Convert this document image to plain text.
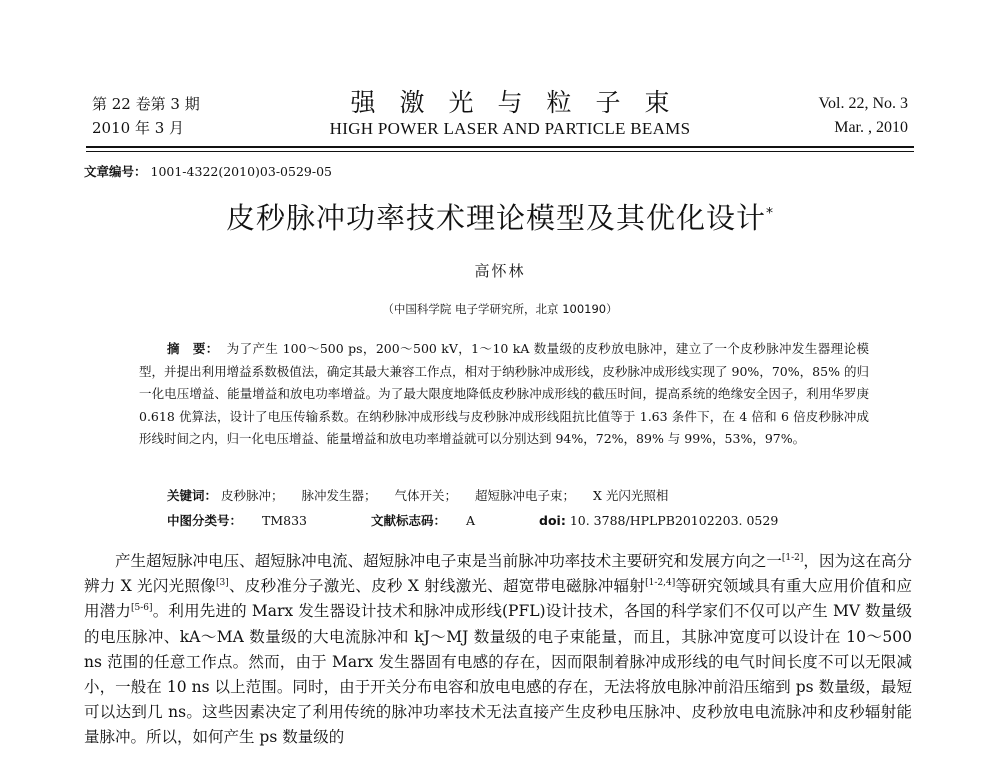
第 22 卷第 3 期
2010 年 3 月
强激光与粒子束
HIGH POWER LASER AND PARTICLE BEAMS
Vol. 22, No. 3
Mar. , 2010
文章编号： 1001-4322(2010)03-0529-05
皮秒脉冲功率技术理论模型及其优化设计*
高怀林
（中国科学院 电子学研究所，北京 100190）
摘　要： 为了产生 100～500 ps，200～500 kV，1～10 kA 数量级的皮秒放电脉冲，建立了一个皮秒脉冲发生器理论模型，并提出利用增益系数极值法，确定其最大兼容工作点，相对于纳秒脉冲成形线，皮秒脉冲成形线实现了 90%，70%，85% 的归一化电压增益、能量增益和放电功率增益。为了最大限度地降低皮秒脉冲成形线的截压时间，提高系统的绝缘安全因子，利用华罗庚 0.618 优算法，设计了电压传输系数。在纳秒脉冲成形线与皮秒脉冲成形线阻抗比值等于 1.63 条件下，在 4 倍和 6 倍皮秒脉冲成形线时间之内，归一化电压增益、能量增益和放电功率增益就可以分别达到 94%，72%，89% 与 99%，53%，97%。
关键词： 皮秒脉冲； 脉冲发生器； 气体开关； 超短脉冲电子束； X 光闪光照相
中图分类号： TM833	文献标志码： A	doi: 10. 3788/HPLPB20102203. 0529
产生超短脉冲电压、超短脉冲电流、超短脉冲电子束是当前脉冲功率技术主要研究和发展方向之一[1-2]，因为这在高分辨力 X 光闪光照像[3]、皮秒准分子激光、皮秒 X 射线激光、超宽带电磁脉冲辐射[1-2,4]等研究领域具有重大应用价值和应用潜力[5-6]。利用先进的 Marx 发生器设计技术和脉冲成形线(PFL)设计技术，各国的科学家们不仅可以产生 MV 数量级的电压脉冲、kA～MA 数量级的大电流脉冲和 kJ～MJ 数量级的电子束能量，而且，其脉冲宽度可以设计在 10～500 ns 范围的任意工作点。然而，由于 Marx 发生器固有电感的存在，因而限制着脉冲成形线的电气时间长度不可以无限减小，一般在 10 ns 以上范围。同时，由于开关分布电容和放电电感的存在，无法将放电脉冲前沿压缩到 ps 数量级，最短可以达到几 ns。这些因素决定了利用传统的脉冲功率技术无法直接产生皮秒电压脉冲、皮秒放电电流脉冲和皮秒辐射能量脉冲。所以，如何产生 ps 数量级的
